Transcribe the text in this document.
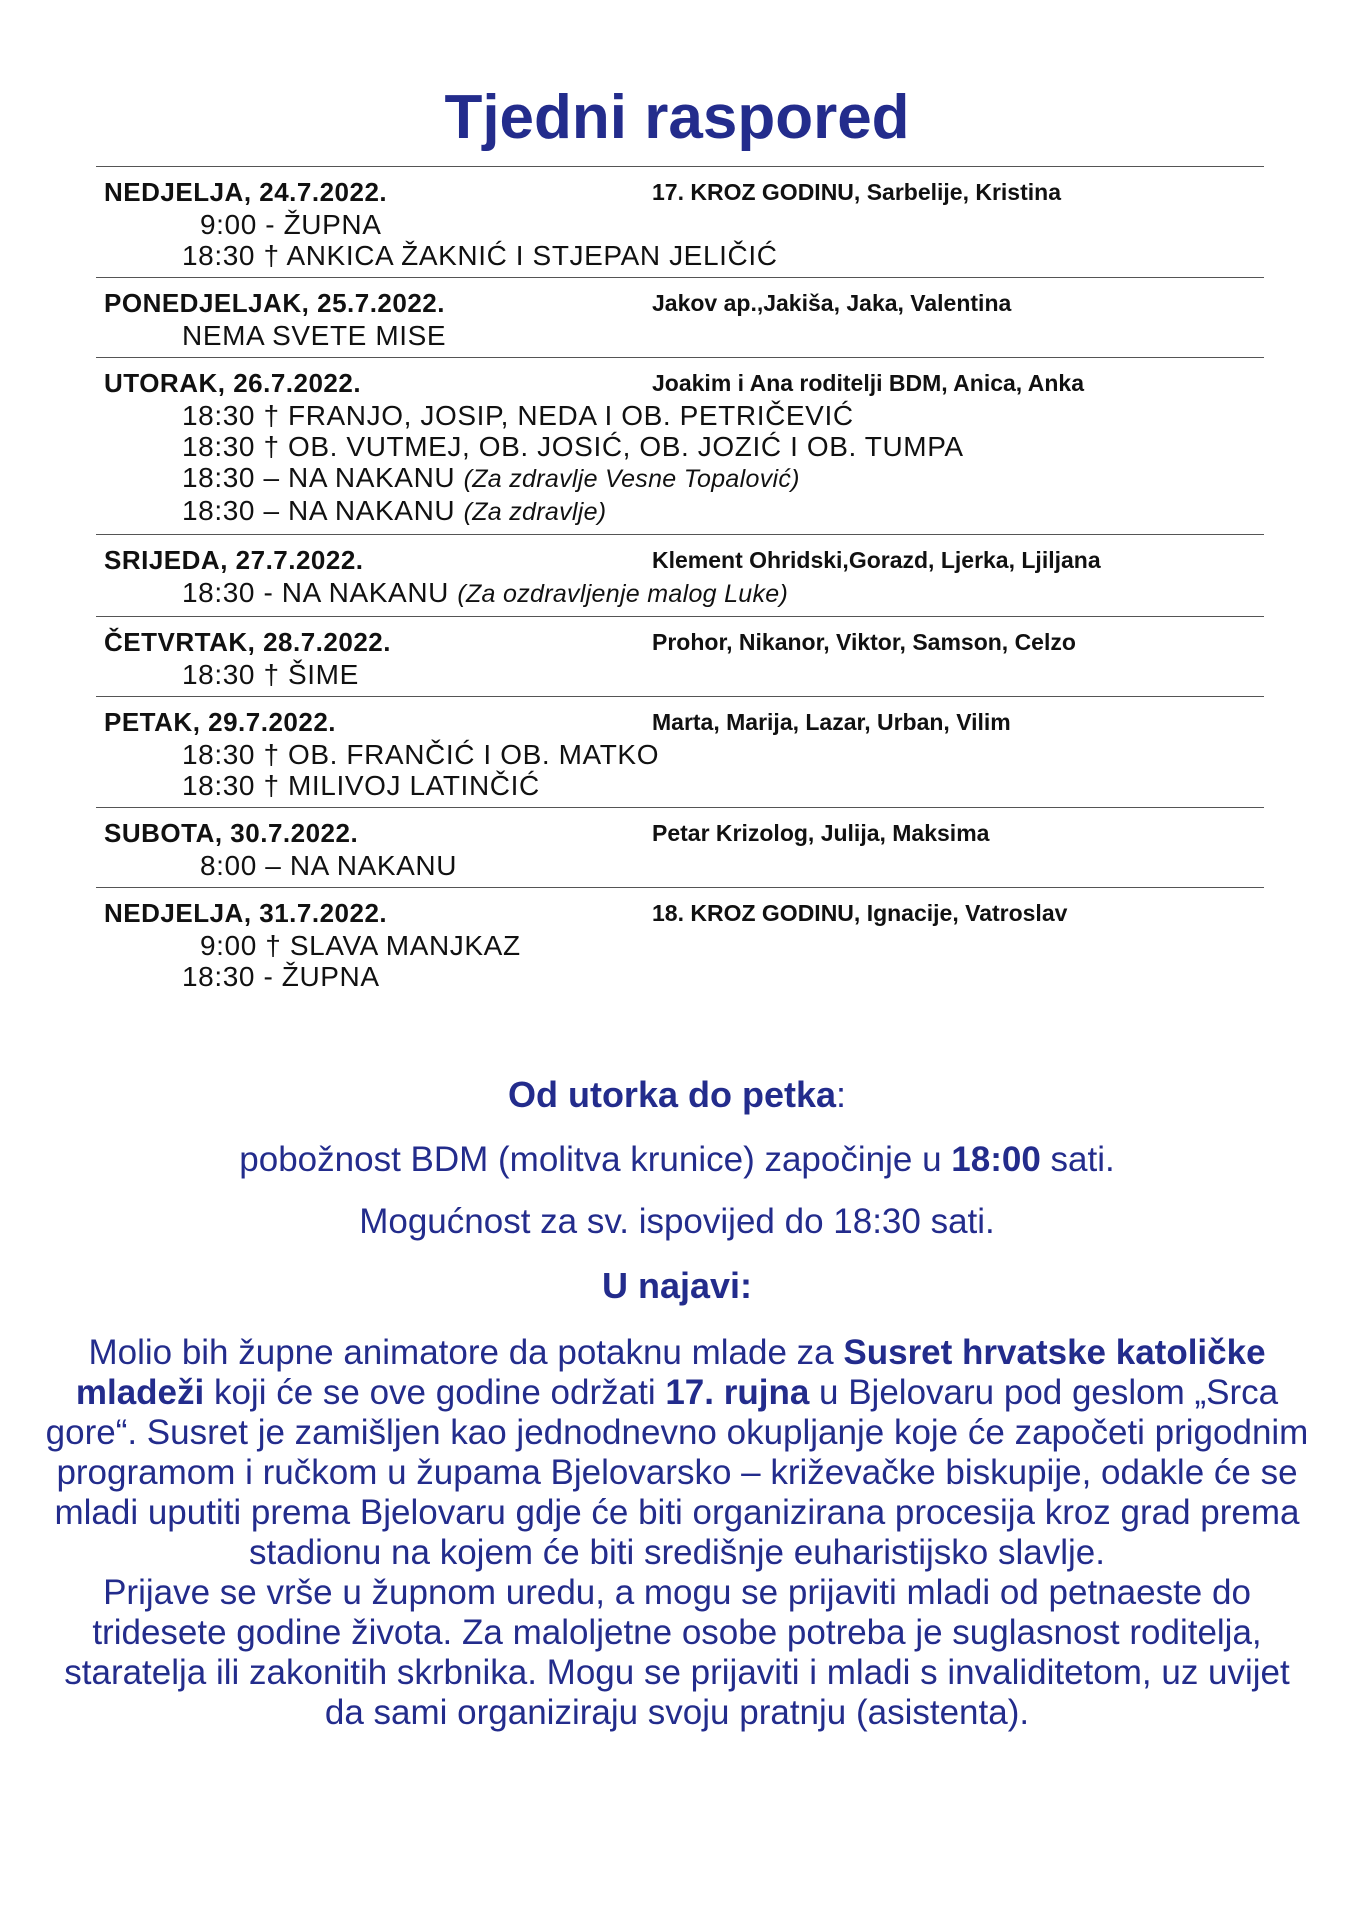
Tjedni raspored
NEDJELJA, 24.7.2022.	17. KROZ GODINU, Sarbelije, Kristina
9:00 - ŽUPNA
18:30 † ANKICA ŽAKNIĆ I STJEPAN JELIČIĆ
PONEDJELJAK, 25.7.2022.	Jakov ap.,Jakiša, Jaka, Valentina
NEMA SVETE MISE
UTORAK, 26.7.2022.	Joakim i Ana roditelji BDM, Anica, Anka
18:30 † FRANJO, JOSIP, NEDA I OB. PETRIČEVIĆ
18:30 † OB. VUTMEJ, OB. JOSIĆ, OB. JOZIĆ I OB. TUMPA
18:30 – NA NAKANU (Za zdravlje Vesne Topalović)
18:30 – NA NAKANU (Za zdravlje)
SRIJEDA, 27.7.2022.	Klement Ohridski,Gorazd, Ljerka, Ljiljana
18:30 - NA NAKANU (Za ozdravljenje malog Luke)
ČETVRTAK, 28.7.2022.	Prohor, Nikanor, Viktor, Samson, Celzo
18:30 † ŠIME
PETAK, 29.7.2022.	Marta, Marija, Lazar, Urban, Vilim
18:30 † OB. FRANČIĆ I OB. MATKO
18:30 † MILIVOJ LATINČIĆ
SUBOTA, 30.7.2022.	Petar Krizolog, Julija, Maksima
8:00 – NA NAKANU
NEDJELJA, 31.7.2022.	18. KROZ GODINU, Ignacije, Vatroslav
9:00 † SLAVA MANJKAZ
18:30 - ŽUPNA
Od utorka do petka:
pobožnost BDM (molitva krunice) započinje u 18:00 sati.
Mogućnost za sv. ispovijed do 18:30 sati.
U najavi:
Molio bih župne animatore da potaknu mlade za Susret hrvatske katoličke mladeži koji će se ove godine održati 17. rujna u Bjelovaru pod geslom „Srca gore“. Susret je zamišljen kao jednodnevno okupljanje koje će započeti prigodnim programom i ručkom u župama Bjelovarsko – križevačke biskupije, odakle će se mladi uputiti prema Bjelovaru gdje će biti organizirana procesija kroz grad prema stadionu na kojem će biti središnje euharistijsko slavlje.
Prijave se vrše u župnom uredu, a mogu se prijaviti mladi od petnaeste do tridesete godine života. Za maloljetne osobe potreba je suglasnost roditelja, staratelja ili zakonitih skrbnika. Mogu se prijaviti i mladi s invaliditetom, uz uvijet da sami organiziraju svoju pratnju (asistenta).
